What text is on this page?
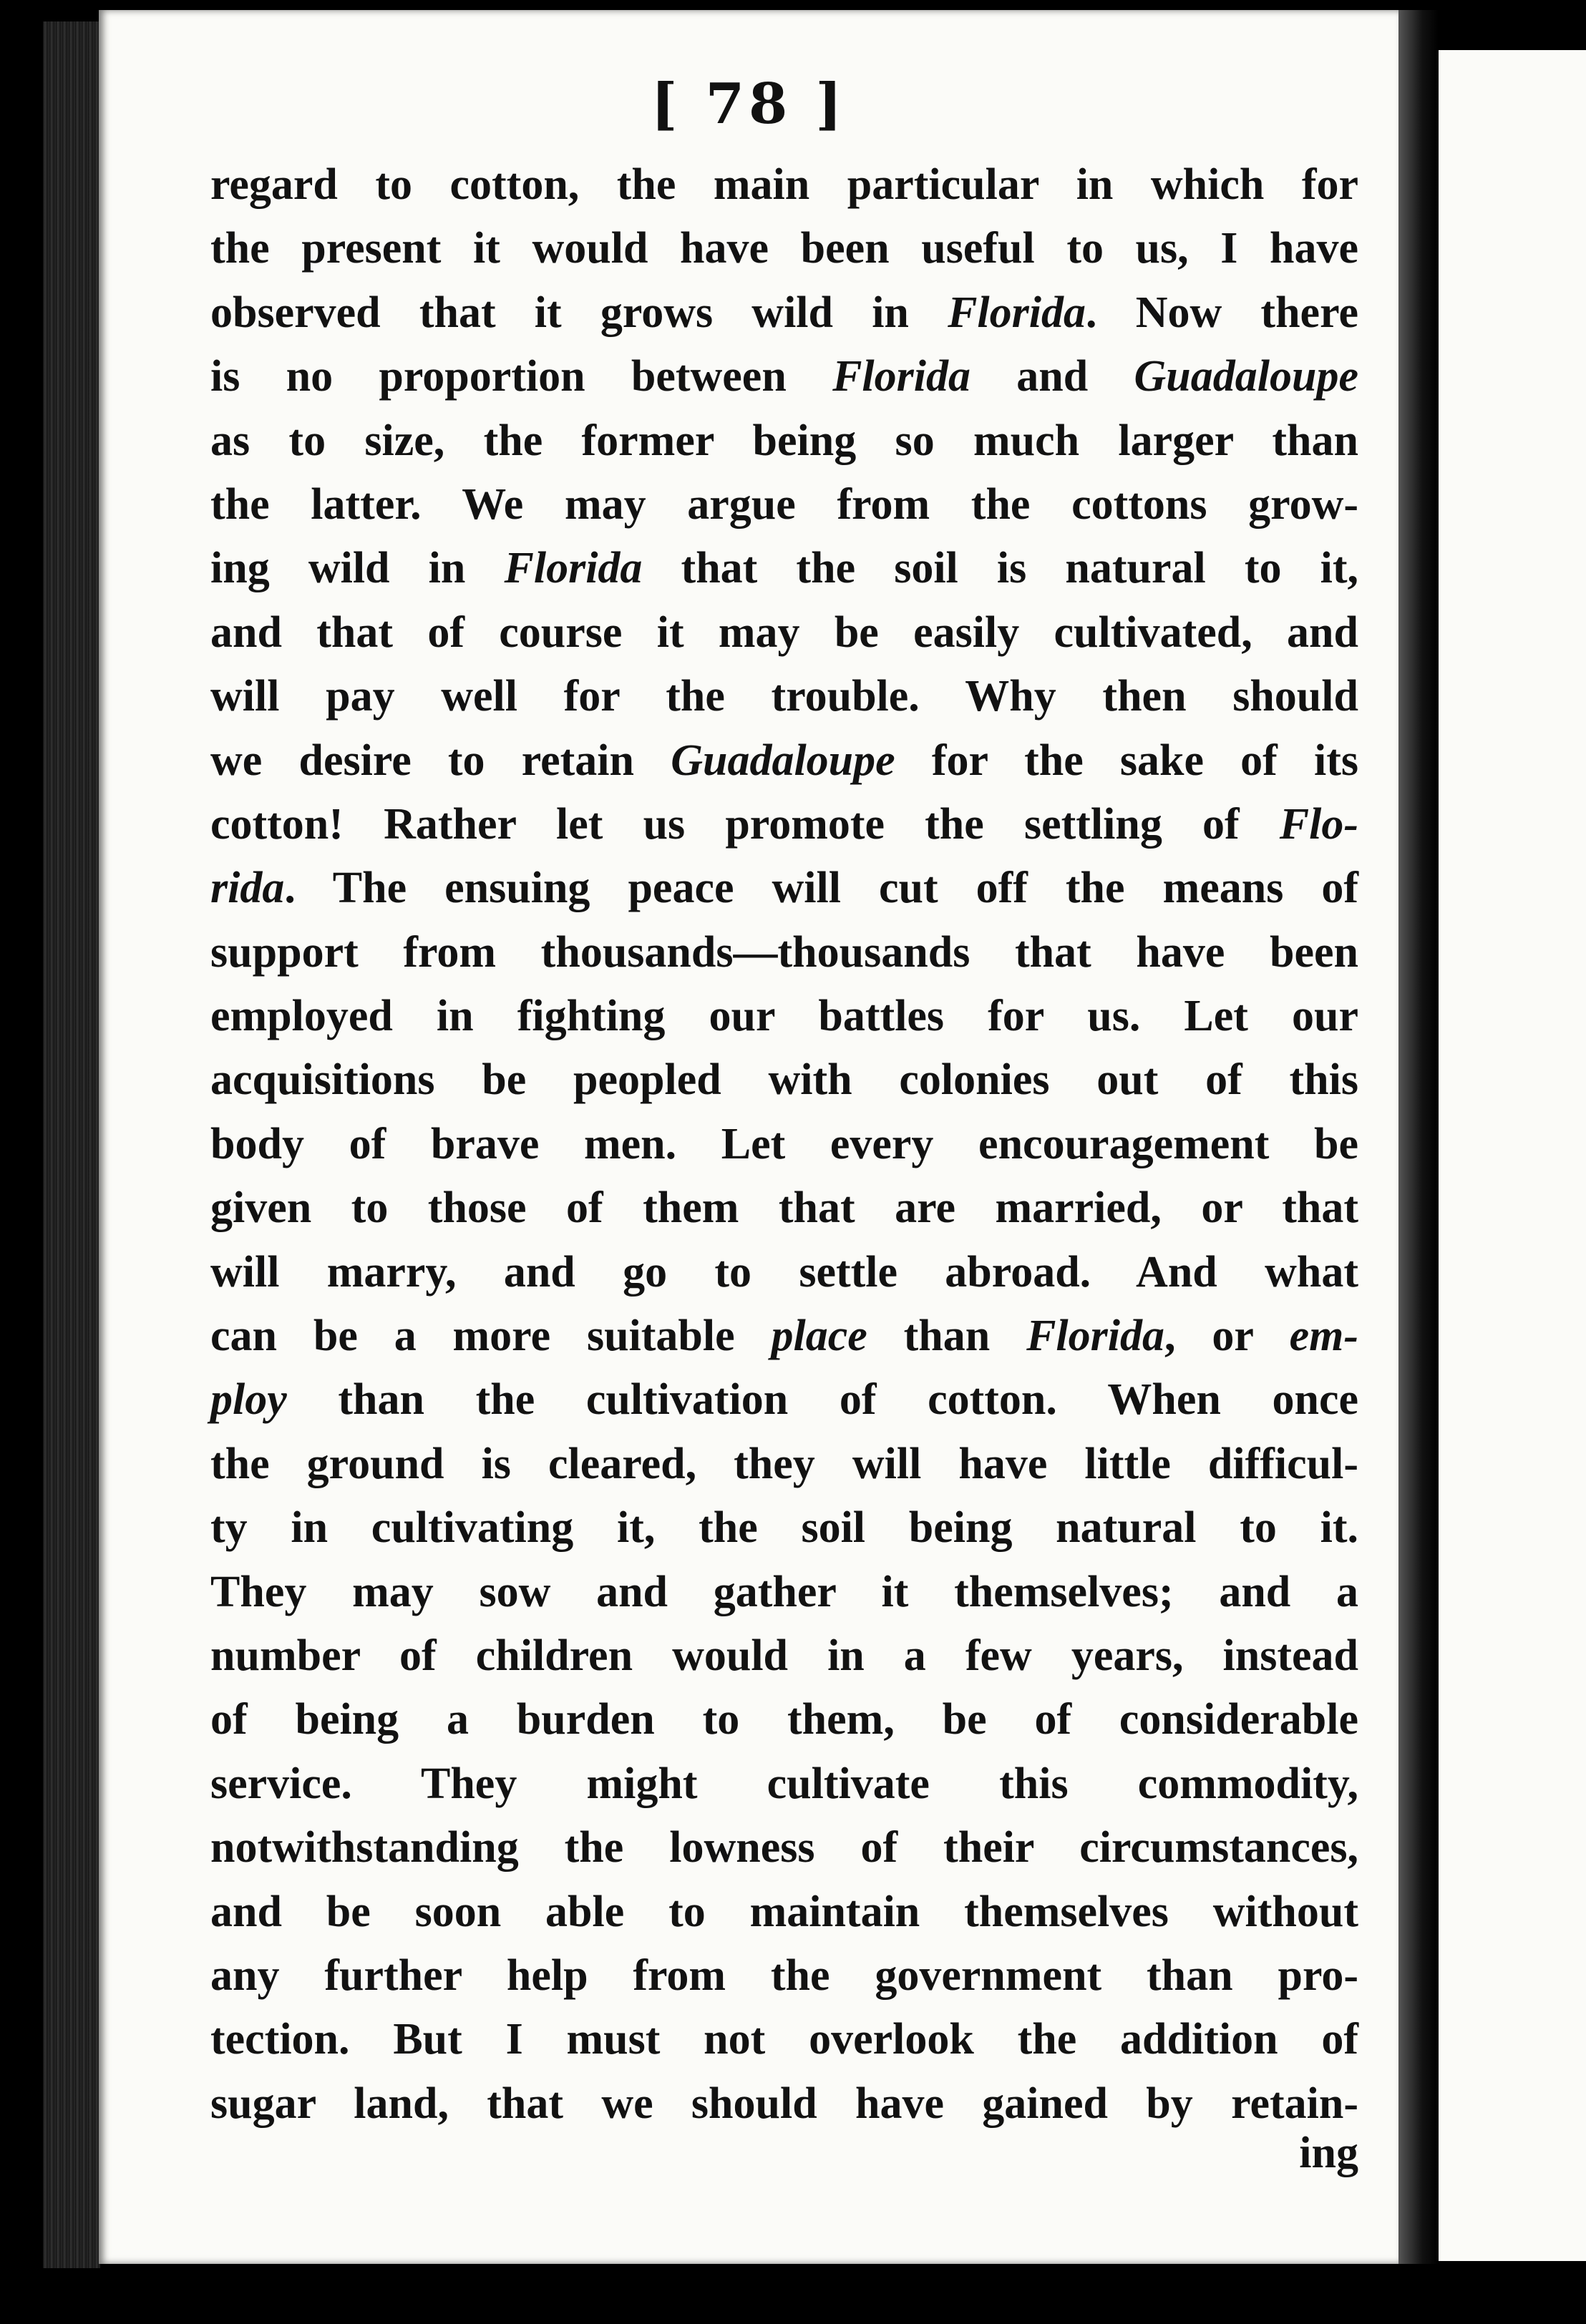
[ 78 ]
regard to cotton, the main particular in which for
the present it would have been useful to us, I have
observed that it grows wild in Florida. Now there
is no proportion between Florida and Guadaloupe
as to size, the former being so much larger than
the latter. We may argue from the cottons grow-
ing wild in Florida that the soil is natural to it,
and that of course it may be easily cultivated, and
will pay well for the trouble. Why then should
we desire to retain Guadaloupe for the sake of its
cotton! Rather let us promote the settling of Flo-
rida. The ensuing peace will cut off the means of
support from thousands—thousands that have been
employed in fighting our battles for us. Let our
acquisitions be peopled with colonies out of this
body of brave men. Let every encouragement be
given to those of them that are married, or that
will marry, and go to settle abroad. And what
can be a more suitable place than Florida, or em-
ploy than the cultivation of cotton. When once
the ground is cleared, they will have little difficul-
ty in cultivating it, the soil being natural to it.
They may sow and gather it themselves; and a
number of children would in a few years, instead
of being a burden to them, be of considerable
service. They might cultivate this commodity,
notwithstanding the lowness of their circumstances,
and be soon able to maintain themselves without
any further help from the government than pro-
tection. But I must not overlook the addition of
sugar land, that we should have gained by retain-
ing
